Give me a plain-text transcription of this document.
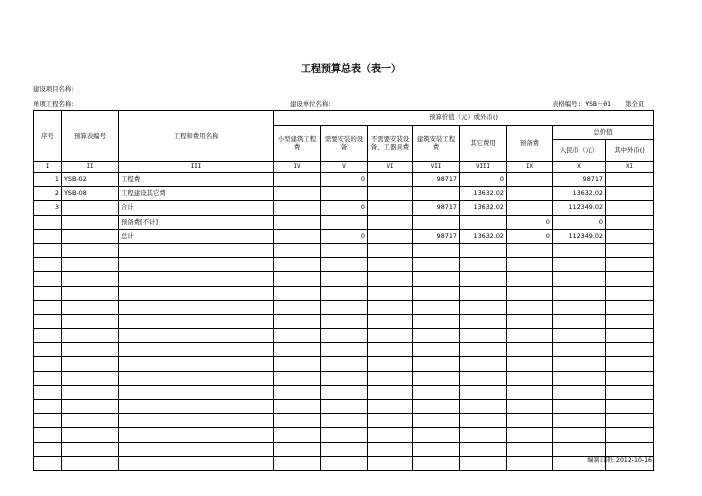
工程预算总表（表一）
建设项目名称:
单项工程名称:	建设单位名称:	表格编号: YSB－01 第全页
序号	预算表编号	工程和费用名称	预算价值（元）或外币()							
			小型建筑工程费	需要安装的设备	不需要安装设备、工器具费	建筑安装工程费	其它费用	预备费	总价值	
									人民币（元）	其中外币()
I	II	III	IV	V	VI	VII	VIII	IX	X	XI
1	YSB-02	工程费		0		98717	0		98717	
2	YSB-08	工程建设其它费					13632.02		13632.02	
3		合计		0		98717	13632.02		112349.02	
		预备费[不计]						0	0	
		总计		0		98717	13632.02	0	112349.02	

编制日期: 2012-10-16
